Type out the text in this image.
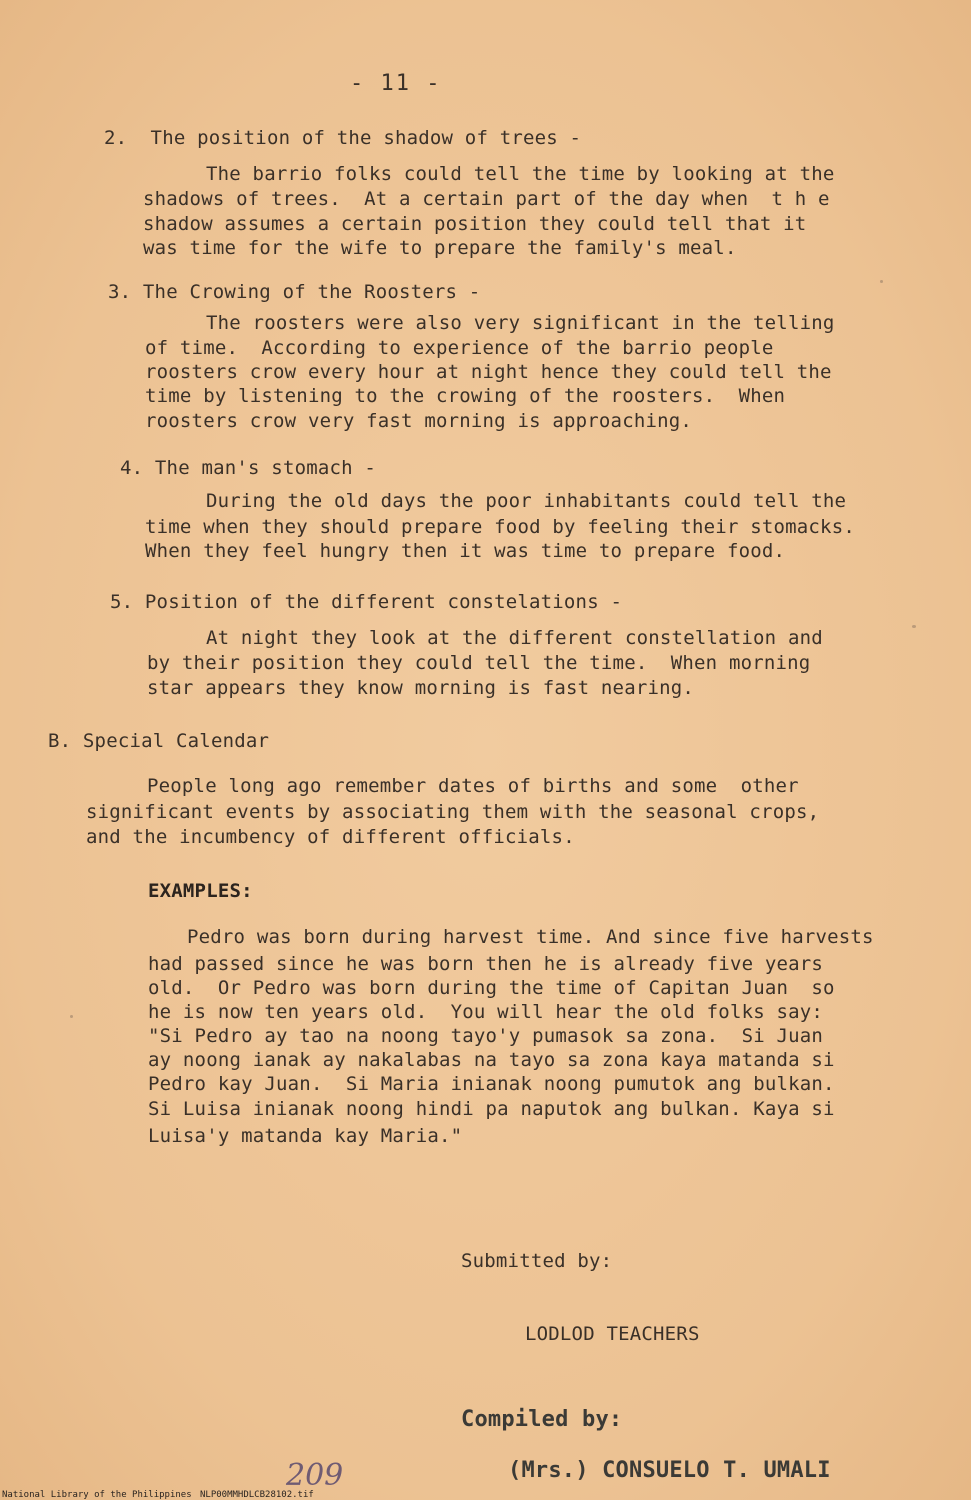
- 11 -
2.  The position of the shadow of trees -
The barrio folks could tell the time by looking at the
shadows of trees.  At a certain part of the day when  t h e
shadow assumes a certain position they could tell that it
was time for the wife to prepare the family's meal.
3. The Crowing of the Roosters -
The roosters were also very significant in the telling
of time.  According to experience of the barrio people
roosters crow every hour at night hence they could tell the
time by listening to the crowing of the roosters.  When
roosters crow very fast morning is approaching.
4. The man's stomach -
During the old days the poor inhabitants could tell the
time when they should prepare food by feeling their stomacks.
When they feel hungry then it was time to prepare food.
5. Position of the different constelations -
At night they look at the different constellation and
by their position they could tell the time.  When morning
star appears they know morning is fast nearing.
B. Special Calendar
People long ago remember dates of births and some  other
significant events by associating them with the seasonal crops,
and the incumbency of different officials.
EXAMPLES:
Pedro was born during harvest time. And since five harvests
had passed since he was born then he is already five years
old.  Or Pedro was born during the time of Capitan Juan  so
he is now ten years old.  You will hear the old folks say:
"Si Pedro ay tao na noong tayo'y pumasok sa zona.  Si Juan
ay noong ianak ay nakalabas na tayo sa zona kaya matanda si
Pedro kay Juan.  Si Maria inianak noong pumutok ang bulkan.
Si Luisa inianak noong hindi pa naputok ang bulkan. Kaya si
Luisa'y matanda kay Maria."
Submitted by:
LODLOD TEACHERS
Compiled by:
(Mrs.) CONSUELO T. UMALI
National Library of the Philippines NLP00MMHDLCB28102.tif
209
